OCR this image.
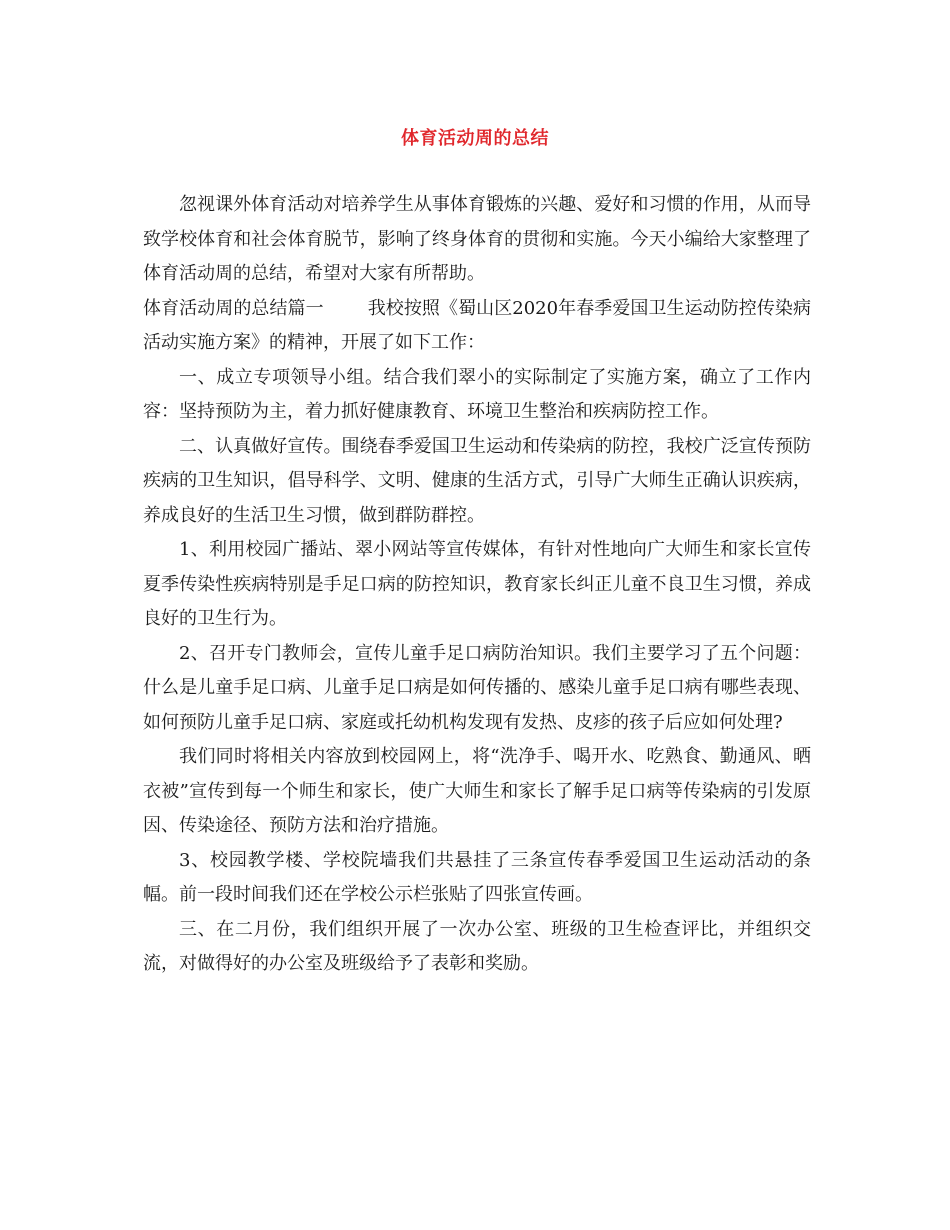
体育活动周的总结

忽视课外体育活动对培养学生从事体育锻炼的兴趣、爱好和习惯的作用，从而导致学校体育和社会体育脱节，影响了终身体育的贯彻和实施。今天小编给大家整理了体育活动周的总结，希望对大家有所帮助。

体育活动周的总结篇一 我校按照《蜀山区2020年春季爱国卫生运动防控传染病活动实施方案》的精神，开展了如下工作：

一、成立专项领导小组。结合我们翠小的实际制定了实施方案，确立了工作内容：坚持预防为主，着力抓好健康教育、环境卫生整治和疾病防控工作。

二、认真做好宣传。围绕春季爱国卫生运动和传染病的防控，我校广泛宣传预防疾病的卫生知识，倡导科学、文明、健康的生活方式，引导广大师生正确认识疾病，养成良好的生活卫生习惯，做到群防群控。

1、利用校园广播站、翠小网站等宣传媒体，有针对性地向广大师生和家长宣传夏季传染性疾病特别是手足口病的防控知识，教育家长纠正儿童不良卫生习惯，养成良好的卫生行为。

2、召开专门教师会，宣传儿童手足口病防治知识。我们主要学习了五个问题：什么是儿童手足口病、儿童手足口病是如何传播的、感染儿童手足口病有哪些表现、如何预防儿童手足口病、家庭或托幼机构发现有发热、皮疹的孩子后应如何处理?

我们同时将相关内容放到校园网上，将“洗净手、喝开水、吃熟食、勤通风、晒衣被”宣传到每一个师生和家长，使广大师生和家长了解手足口病等传染病的引发原因、传染途径、预防方法和治疗措施。

3、校园教学楼、学校院墙我们共悬挂了三条宣传春季爱国卫生运动活动的条幅。前一段时间我们还在学校公示栏张贴了四张宣传画。

三、在二月份，我们组织开展了一次办公室、班级的卫生检查评比，并组织交流，对做得好的办公室及班级给予了表彰和奖励。
